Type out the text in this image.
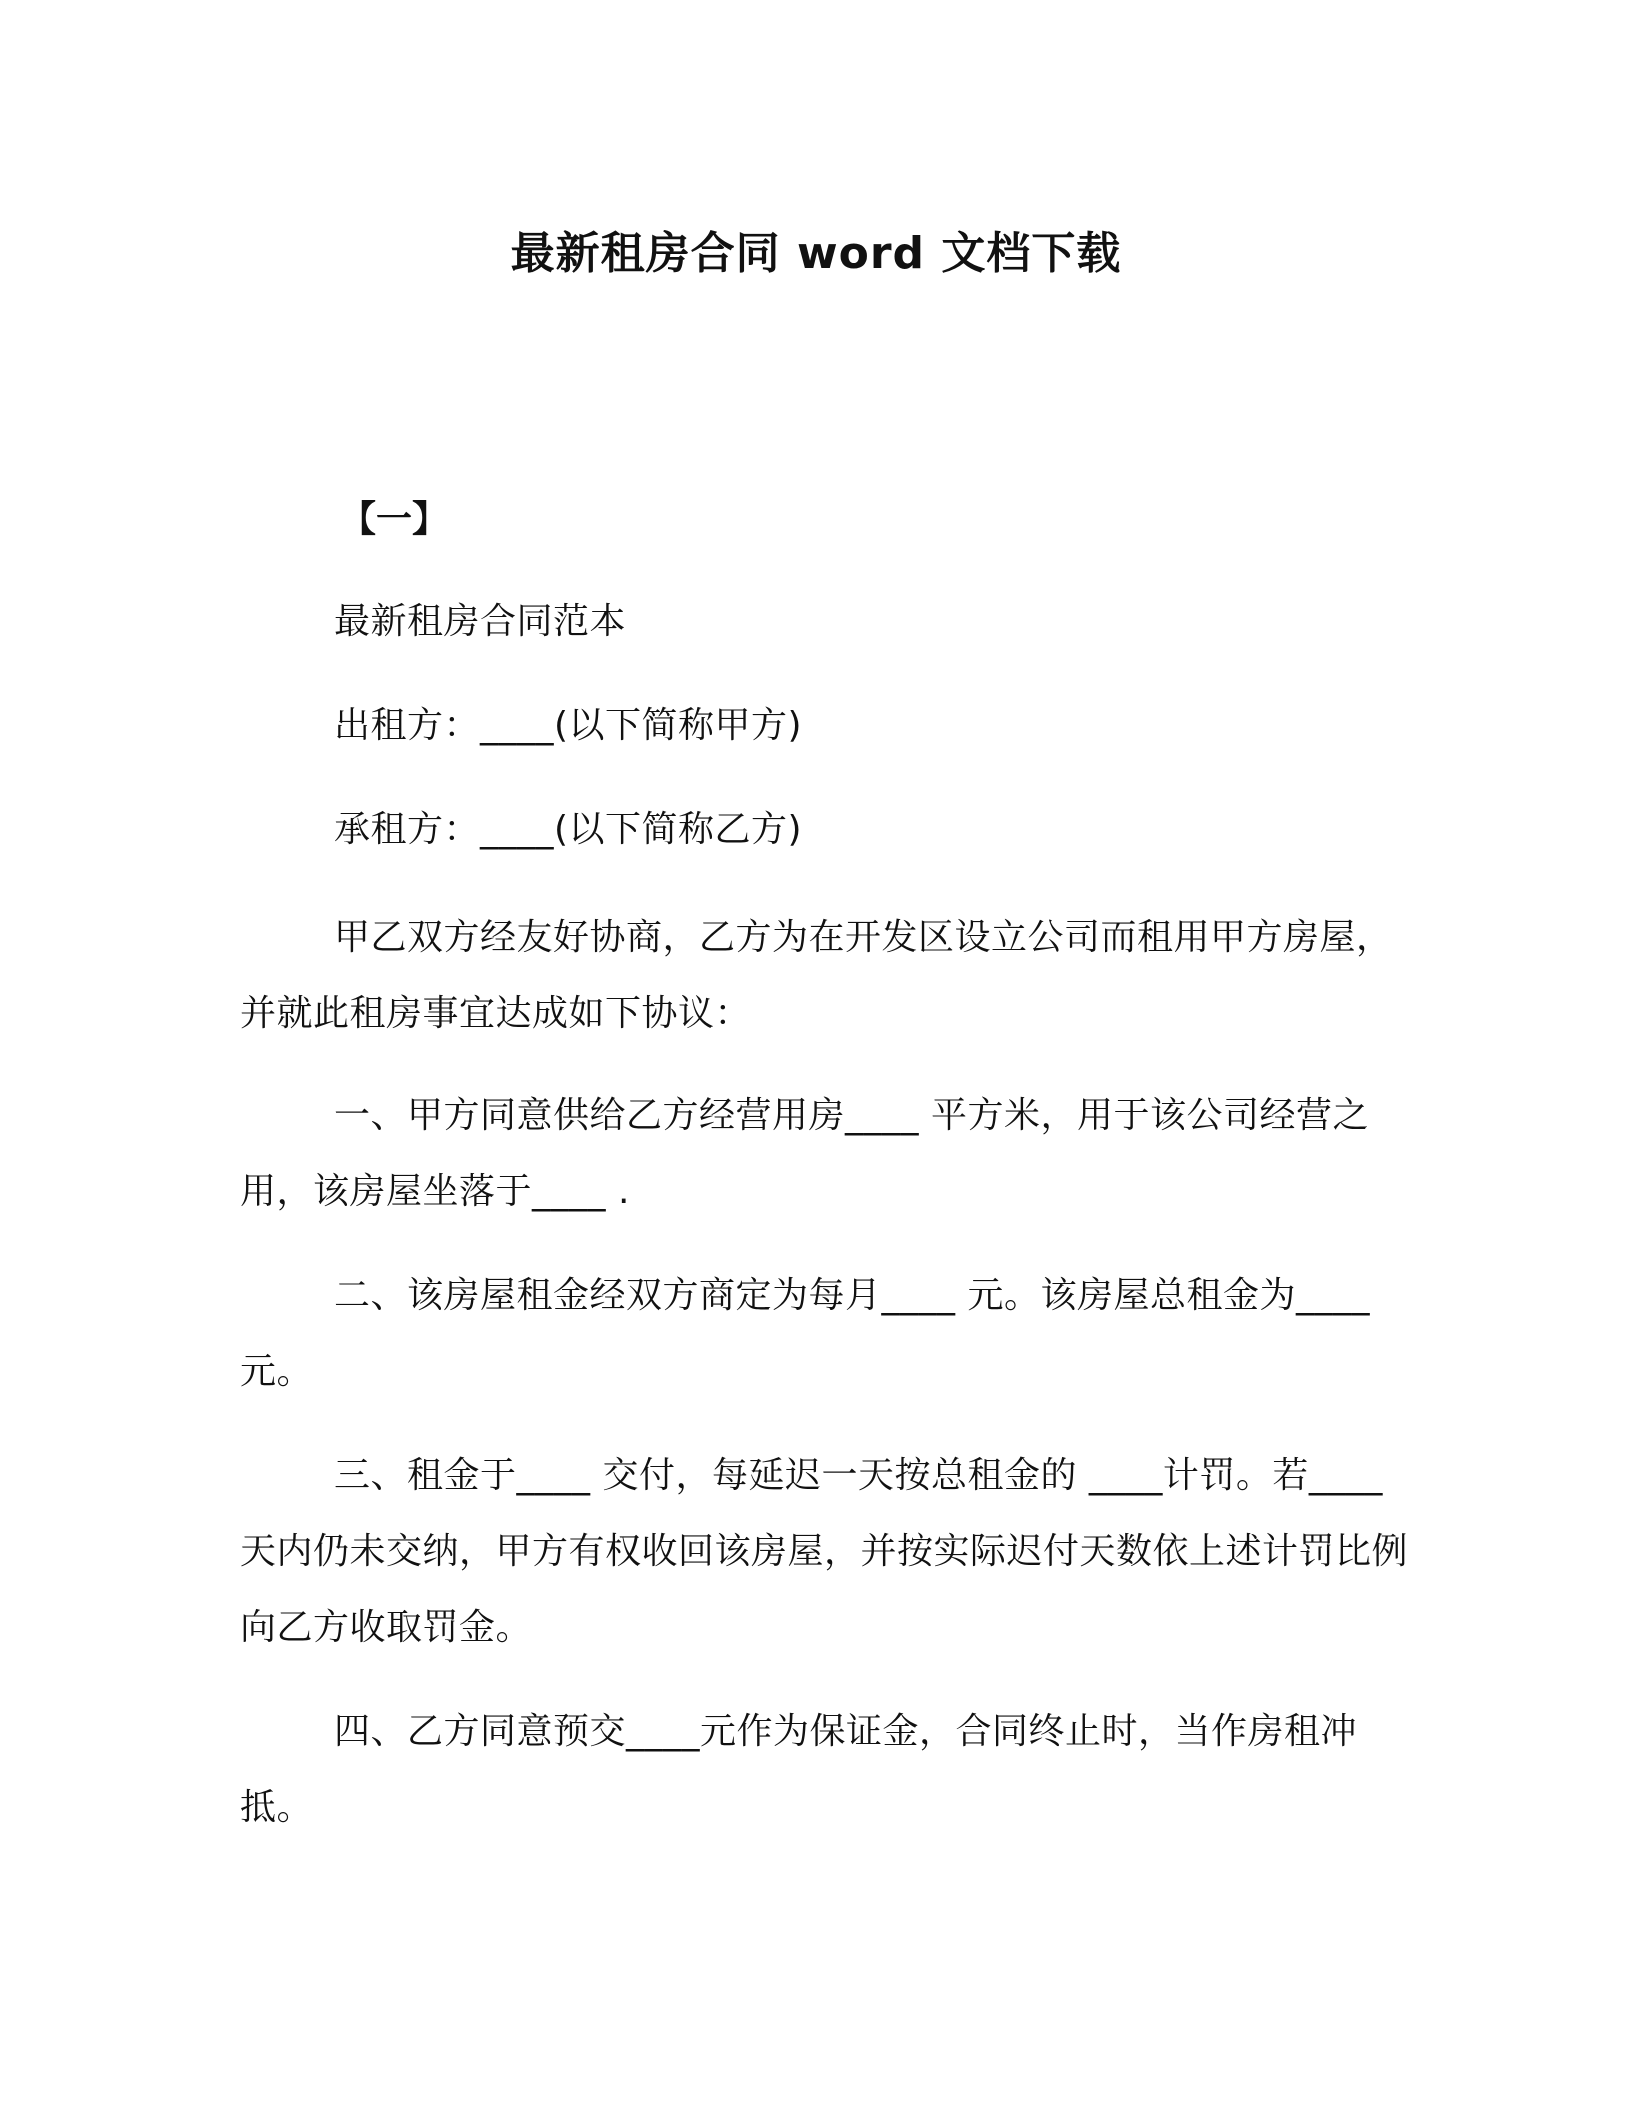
最新租房合同 word 文档下载
【一】
最新租房合同范本
出租方：____(以下简称甲方)
承租方：____(以下简称乙方)
甲乙双方经友好协商，乙方为在开发区设立公司而租用甲方房屋，并就此租房事宜达成如下协议：
一、甲方同意供给乙方经营用房____ 平方米，用于该公司经营之用，该房屋坐落于____ .
二、该房屋租金经双方商定为每月____ 元。该房屋总租金为____ 元。
三、租金于____ 交付，每延迟一天按总租金的 ____计罚。若____ 天内仍未交纳，甲方有权收回该房屋，并按实际迟付天数依上述计罚比例向乙方收取罚金。
四、乙方同意预交____元作为保证金，合同终止时，当作房租冲抵。
